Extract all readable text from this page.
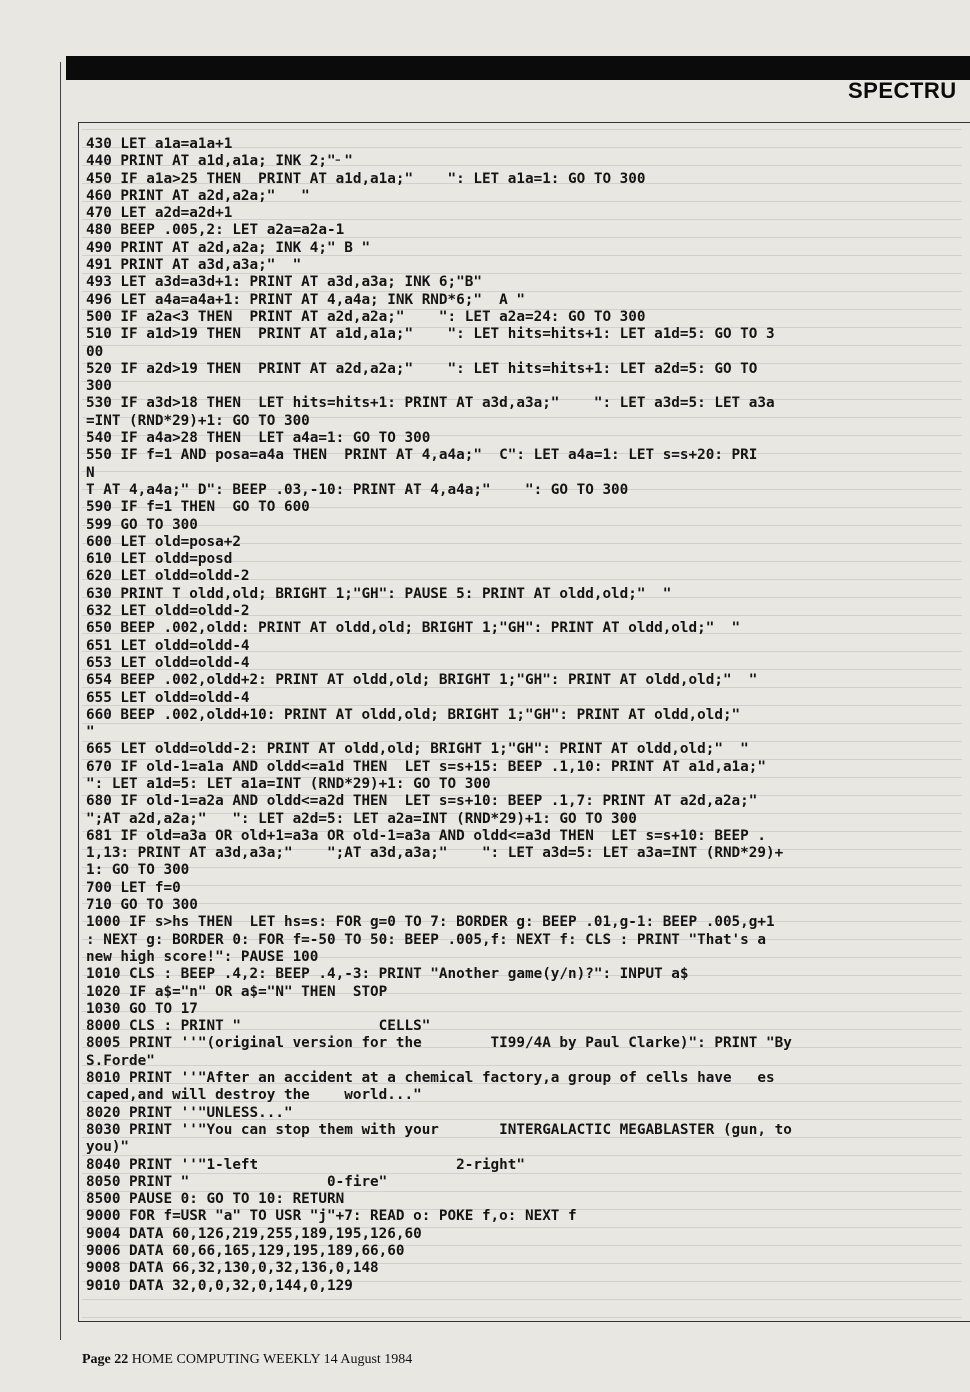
SPECTRU
430 LET a1a=a1a+1
440 PRINT AT a1d,a1a; INK 2;"╴"
450 IF a1a>25 THEN  PRINT AT a1d,a1a;"    ": LET a1a=1: GO TO 300
460 PRINT AT a2d,a2a;"   "
470 LET a2d=a2d+1
480 BEEP .005,2: LET a2a=a2a-1
490 PRINT AT a2d,a2a; INK 4;" B "
491 PRINT AT a3d,a3a;"  "
493 LET a3d=a3d+1: PRINT AT a3d,a3a; INK 6;"B"
496 LET a4a=a4a+1: PRINT AT 4,a4a; INK RND*6;"  A "
500 IF a2a<3 THEN  PRINT AT a2d,a2a;"    ": LET a2a=24: GO TO 300
510 IF a1d>19 THEN  PRINT AT a1d,a1a;"    ": LET hits=hits+1: LET a1d=5: GO TO 3
00
520 IF a2d>19 THEN  PRINT AT a2d,a2a;"    ": LET hits=hits+1: LET a2d=5: GO TO
300
530 IF a3d>18 THEN  LET hits=hits+1: PRINT AT a3d,a3a;"    ": LET a3d=5: LET a3a
=INT (RND*29)+1: GO TO 300
540 IF a4a>28 THEN  LET a4a=1: GO TO 300
550 IF f=1 AND posa=a4a THEN  PRINT AT 4,a4a;"  C": LET a4a=1: LET s=s+20: PRI
N
T AT 4,a4a;" D": BEEP .03,-10: PRINT AT 4,a4a;"    ": GO TO 300
590 IF f=1 THEN  GO TO 600
599 GO TO 300
600 LET old=posa+2
610 LET oldd=posd
620 LET oldd=oldd-2
630 PRINT T oldd,old; BRIGHT 1;"GH": PAUSE 5: PRINT AT oldd,old;"  "
632 LET oldd=oldd-2
650 BEEP .002,oldd: PRINT AT oldd,old; BRIGHT 1;"GH": PRINT AT oldd,old;"  "
651 LET oldd=oldd-4
653 LET oldd=oldd-4
654 BEEP .002,oldd+2: PRINT AT oldd,old; BRIGHT 1;"GH": PRINT AT oldd,old;"  "
655 LET oldd=oldd-4
660 BEEP .002,oldd+10: PRINT AT oldd,old; BRIGHT 1;"GH": PRINT AT oldd,old;"
"
665 LET oldd=oldd-2: PRINT AT oldd,old; BRIGHT 1;"GH": PRINT AT oldd,old;"  "
670 IF old-1=a1a AND oldd<=a1d THEN  LET s=s+15: BEEP .1,10: PRINT AT a1d,a1a;"
": LET a1d=5: LET a1a=INT (RND*29)+1: GO TO 300
680 IF old-1=a2a AND oldd<=a2d THEN  LET s=s+10: BEEP .1,7: PRINT AT a2d,a2a;"
";AT a2d,a2a;"   ": LET a2d=5: LET a2a=INT (RND*29)+1: GO TO 300
681 IF old=a3a OR old+1=a3a OR old-1=a3a AND oldd<=a3d THEN  LET s=s+10: BEEP .
1,13: PRINT AT a3d,a3a;"    ";AT a3d,a3a;"    ": LET a3d=5: LET a3a=INT (RND*29)+
1: GO TO 300
700 LET f=0
710 GO TO 300
1000 IF s>hs THEN  LET hs=s: FOR g=0 TO 7: BORDER g: BEEP .01,g-1: BEEP .005,g+1
: NEXT g: BORDER 0: FOR f=-50 TO 50: BEEP .005,f: NEXT f: CLS : PRINT "That's a
new high score!": PAUSE 100
1010 CLS : BEEP .4,2: BEEP .4,-3: PRINT "Another game(y/n)?": INPUT a$
1020 IF a$="n" OR a$="N" THEN  STOP
1030 GO TO 17
8000 CLS : PRINT "                CELLS"
8005 PRINT ''"(original version for the        TI99/4A by Paul Clarke)": PRINT "By
S.Forde"
8010 PRINT ''"After an accident at a chemical factory,a group of cells have   es
caped,and will destroy the    world..."
8020 PRINT ''"UNLESS..."
8030 PRINT ''"You can stop them with your       INTERGALACTIC MEGABLASTER (gun, to
you)"
8040 PRINT ''"1-left                       2-right"
8050 PRINT "                0-fire"
8500 PAUSE 0: GO TO 10: RETURN
9000 FOR f=USR "a" TO USR "j"+7: READ o: POKE f,o: NEXT f
9004 DATA 60,126,219,255,189,195,126,60
9006 DATA 60,66,165,129,195,189,66,60
9008 DATA 66,32,130,0,32,136,0,148
9010 DATA 32,0,0,32,0,144,0,129
Page 22 HOME COMPUTING WEEKLY 14 August 1984
